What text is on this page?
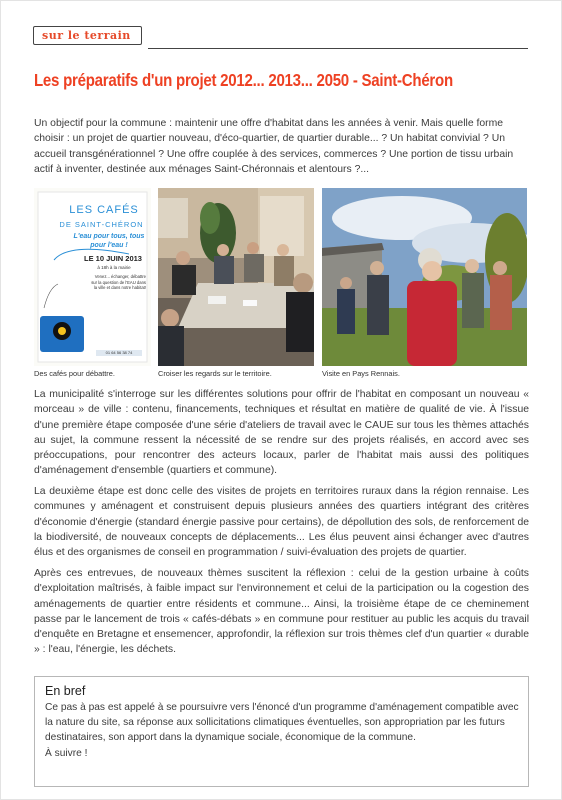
sur le terrain
Les préparatifs d'un projet 2012... 2013... 2050 - Saint-Chéron

Un objectif pour la commune : maintenir une offre d'habitat dans les années à venir. Mais quelle forme choisir : un projet de quartier nouveau, d'éco-quartier, de quartier durable... ? Un habitat convivial ? Un accueil transgénérationnel ? Une offre couplée à des services, commerces ? Une portion de tissu urbain actif à inventer, destinée aux ménages Saint-Chéronnais et alentours ?...

LES CAFÉS
DE SAINT-CHÉRON
L'eau pour tous, tous pour l'eau !
LE 10 JUIN 2013
à 18h à la mairie
Venez... échanger, débattre sur la question de l'EAU dans la ville et dans notre habitat!
01 64 56 38 74
Des cafés pour débattre.	Croiser les regards sur le territoire.	Visite en Pays Rennais.

La municipalité s'interroge sur les différentes solutions pour offrir de l'habitat en composant un nouveau « morceau » de ville : contenu, financements, techniques et résultat en matière de qualité de vie. À l'issue d'une première étape composée d'une série d'ateliers de travail avec le CAUE sur tous les thèmes attachés au sujet, la commune ressent la nécessité de se rendre sur des projets réalisés, en accord avec ses préoccupations, pour rencontrer des acteurs locaux, parler de l'habitat mais aussi des politiques d'aménagement d'ensemble (quartiers et commune).

La deuxième étape est donc celle des visites de projets en territoires ruraux dans la région rennaise. Les communes y aménagent et construisent depuis plusieurs années des quartiers intégrant des critères d'économie d'énergie (standard énergie passive pour certains), de dépollution des sols, de renforcement de la biodiversité, de nouveaux concepts de déplacements... Les élus peuvent ainsi échanger avec d'autres élus et des organismes de conseil en programmation / suivi-évaluation des projets de quartier.

Après ces entrevues, de nouveaux thèmes suscitent la réflexion : celui de la gestion urbaine à coûts d'exploitation maîtrisés, à faible impact sur l'environnement et celui de la participation ou la cogestion des aménagements de quartier entre résidents et commune... Ainsi, la troisième étape de ce cheminement passe par le lancement de trois « cafés-débats » en commune pour restituer au public les acquis du travail d'enquête en Bretagne et ensemencer, approfondir, la réflexion sur trois thèmes clef d'un quartier « durable » : l'eau, l'énergie, les déchets.

En bref

Ce pas à pas est appelé à se poursuivre vers l'énoncé d'un programme d'aménagement compatible avec la nature du site, sa réponse aux sollicitations climatiques éventuelles, son appropriation par les futurs destinataires, son apport dans la dynamique sociale, économique de la commune.
À suivre !
